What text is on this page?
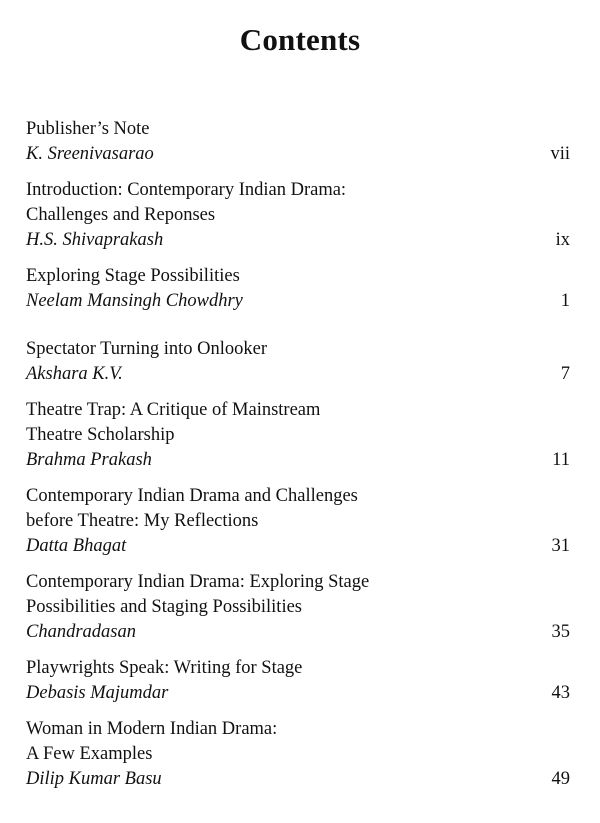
Contents
Publisher’s Note
K. Sreenivasarao	vii
Introduction: Contemporary Indian Drama:
Challenges and Reponses
H.S. Shivaprakash	ix
Exploring Stage Possibilities
Neelam Mansingh Chowdhry	1
Spectator Turning into Onlooker
Akshara K.V.	7
Theatre Trap: A Critique of Mainstream
Theatre Scholarship
Brahma Prakash	11
Contemporary Indian Drama and Challenges
before Theatre: My Reflections
Datta Bhagat	31
Contemporary Indian Drama: Exploring Stage
Possibilities and Staging Possibilities
Chandradasan	35
Playwrights Speak: Writing for Stage
Debasis Majumdar	43
Woman in Modern Indian Drama:
A Few Examples
Dilip Kumar Basu	49
